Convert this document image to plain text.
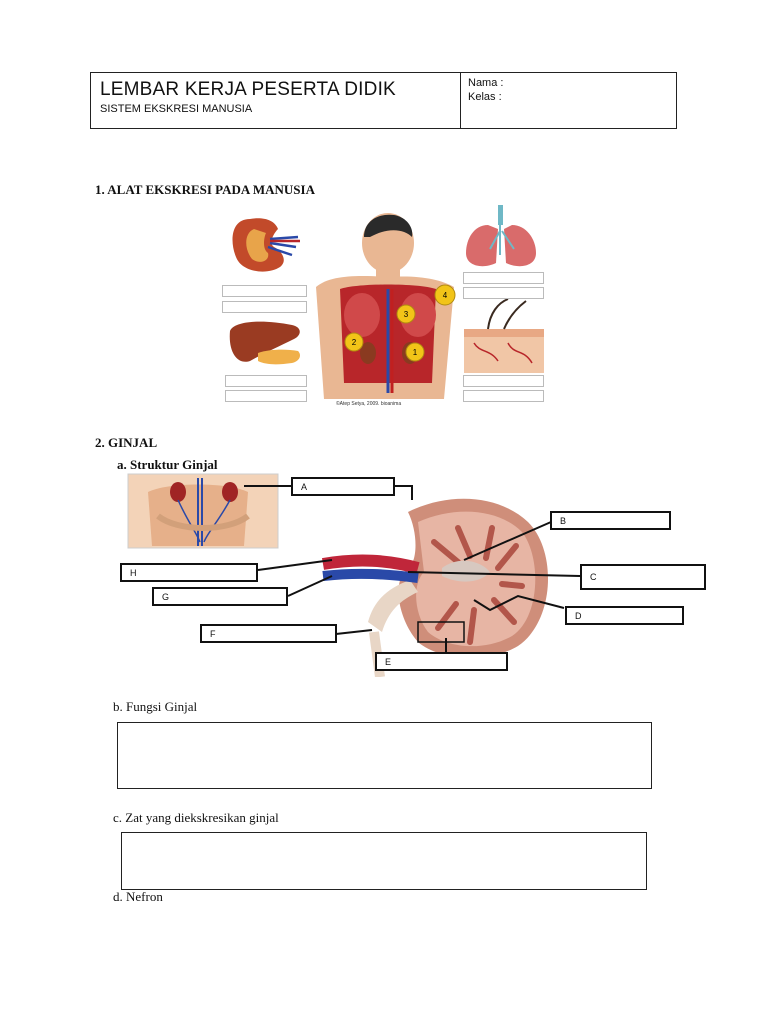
LEMBAR KERJA PESERTA DIDIK
SISTEM EKSKRESI MANUSIA
Nama :
Kelas :
1. ALAT EKSKRESI PADA MANUSIA
1
2
3
4
©Atep Setya, 2009. bioanima
2. GINJAL
a. Struktur Ginjal
A
B
C
D
E
F
G
H
b. Fungsi Ginjal
c. Zat yang diekskresikan ginjal
d. Nefron
